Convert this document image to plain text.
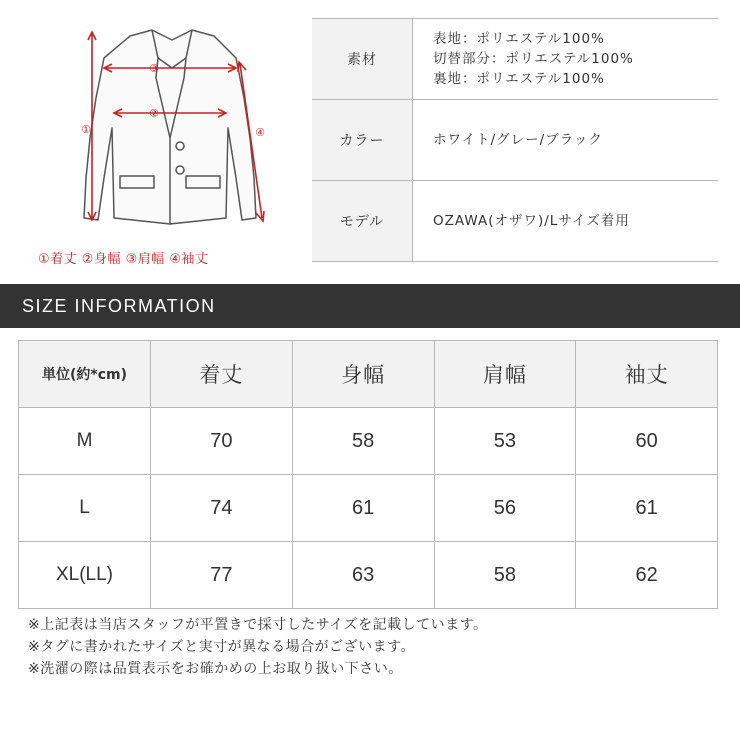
①
②
③
④
①着丈 ②身幅 ③肩幅 ④袖丈
素材	表地：ポリエステル100%
切替部分：ポリエステル100%
裏地：ポリエステル100%

カラー	ホワイト/グレー/ブラック

モデル	OZAWA(オザワ)/Lサイズ着用
SIZE INFORMATION
単位(約*cm)	着丈	身幅	肩幅	袖丈
M	70	58	53	60
L	74	61	56	61
XL(LL)	77	63	58	62
※上記表は当店スタッフが平置きで採寸したサイズを記載しています。
※タグに書かれたサイズと実寸が異なる場合がございます。
※洗濯の際は品質表示をお確かめの上お取り扱い下さい。
